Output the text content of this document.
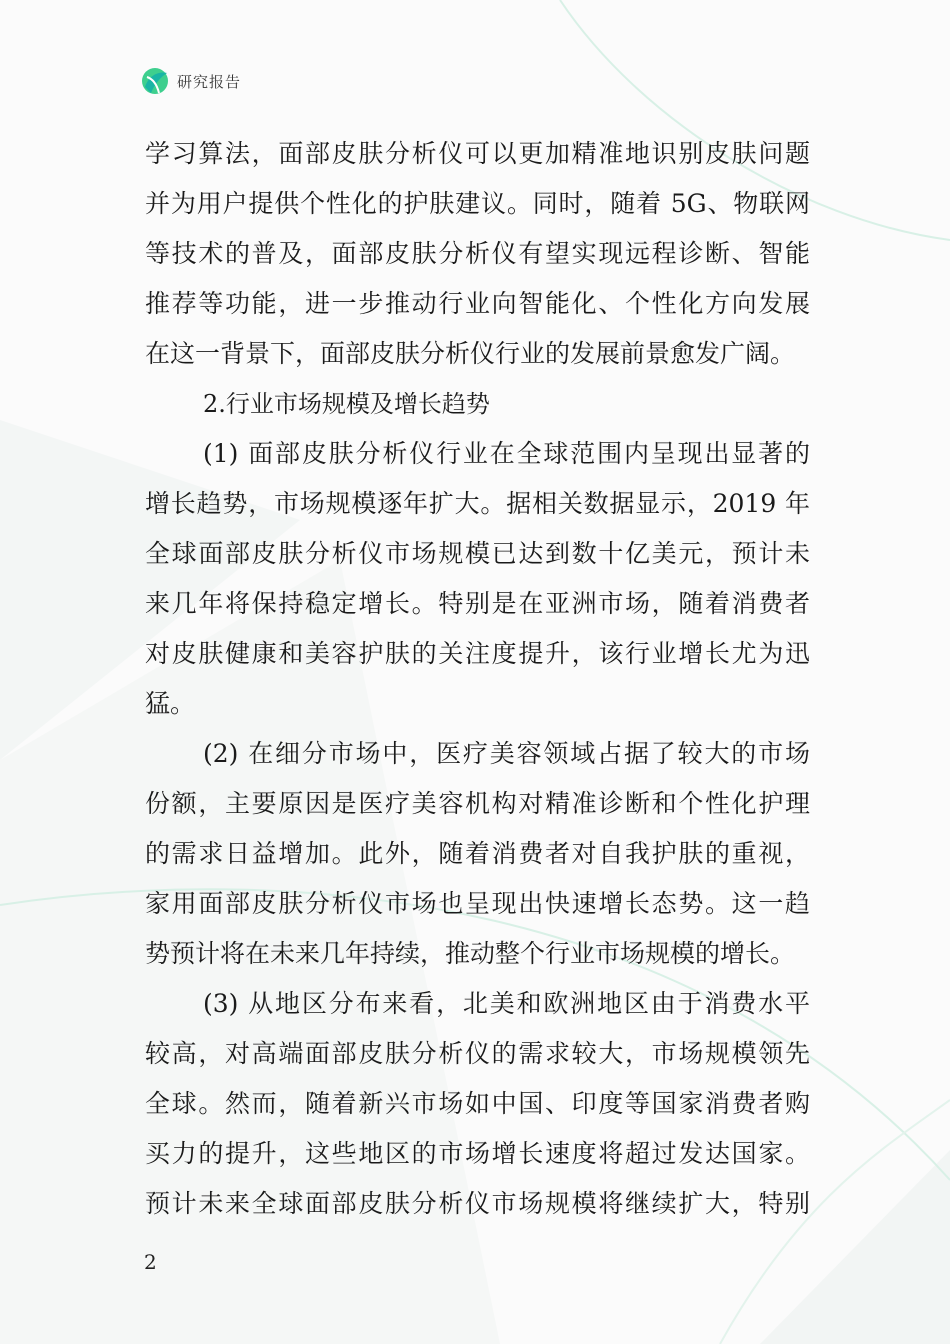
研究报告
学习算法，面部皮肤分析仪可以更加精准地识别皮肤问题
并为用户提供个性化的护肤建议。同时，随着 5G、物联网
等技术的普及，面部皮肤分析仪有望实现远程诊断、智能
推荐等功能，进一步推动行业向智能化、个性化方向发展
在这一背景下，面部皮肤分析仪行业的发展前景愈发广阔。
2.行业市场规模及增长趋势
(1) 面部皮肤分析仪行业在全球范围内呈现出显著的
增长趋势，市场规模逐年扩大。据相关数据显示，2019 年
全球面部皮肤分析仪市场规模已达到数十亿美元，预计未
来几年将保持稳定增长。特别是在亚洲市场，随着消费者
对皮肤健康和美容护肤的关注度提升，该行业增长尤为迅
猛。
(2) 在细分市场中，医疗美容领域占据了较大的市场
份额，主要原因是医疗美容机构对精准诊断和个性化护理
的需求日益增加。此外，随着消费者对自我护肤的重视，
家用面部皮肤分析仪市场也呈现出快速增长态势。这一趋
势预计将在未来几年持续，推动整个行业市场规模的增长。
(3) 从地区分布来看，北美和欧洲地区由于消费水平
较高，对高端面部皮肤分析仪的需求较大，市场规模领先
全球。然而，随着新兴市场如中国、印度等国家消费者购
买力的提升，这些地区的市场增长速度将超过发达国家。
预计未来全球面部皮肤分析仪市场规模将继续扩大，特别
2
